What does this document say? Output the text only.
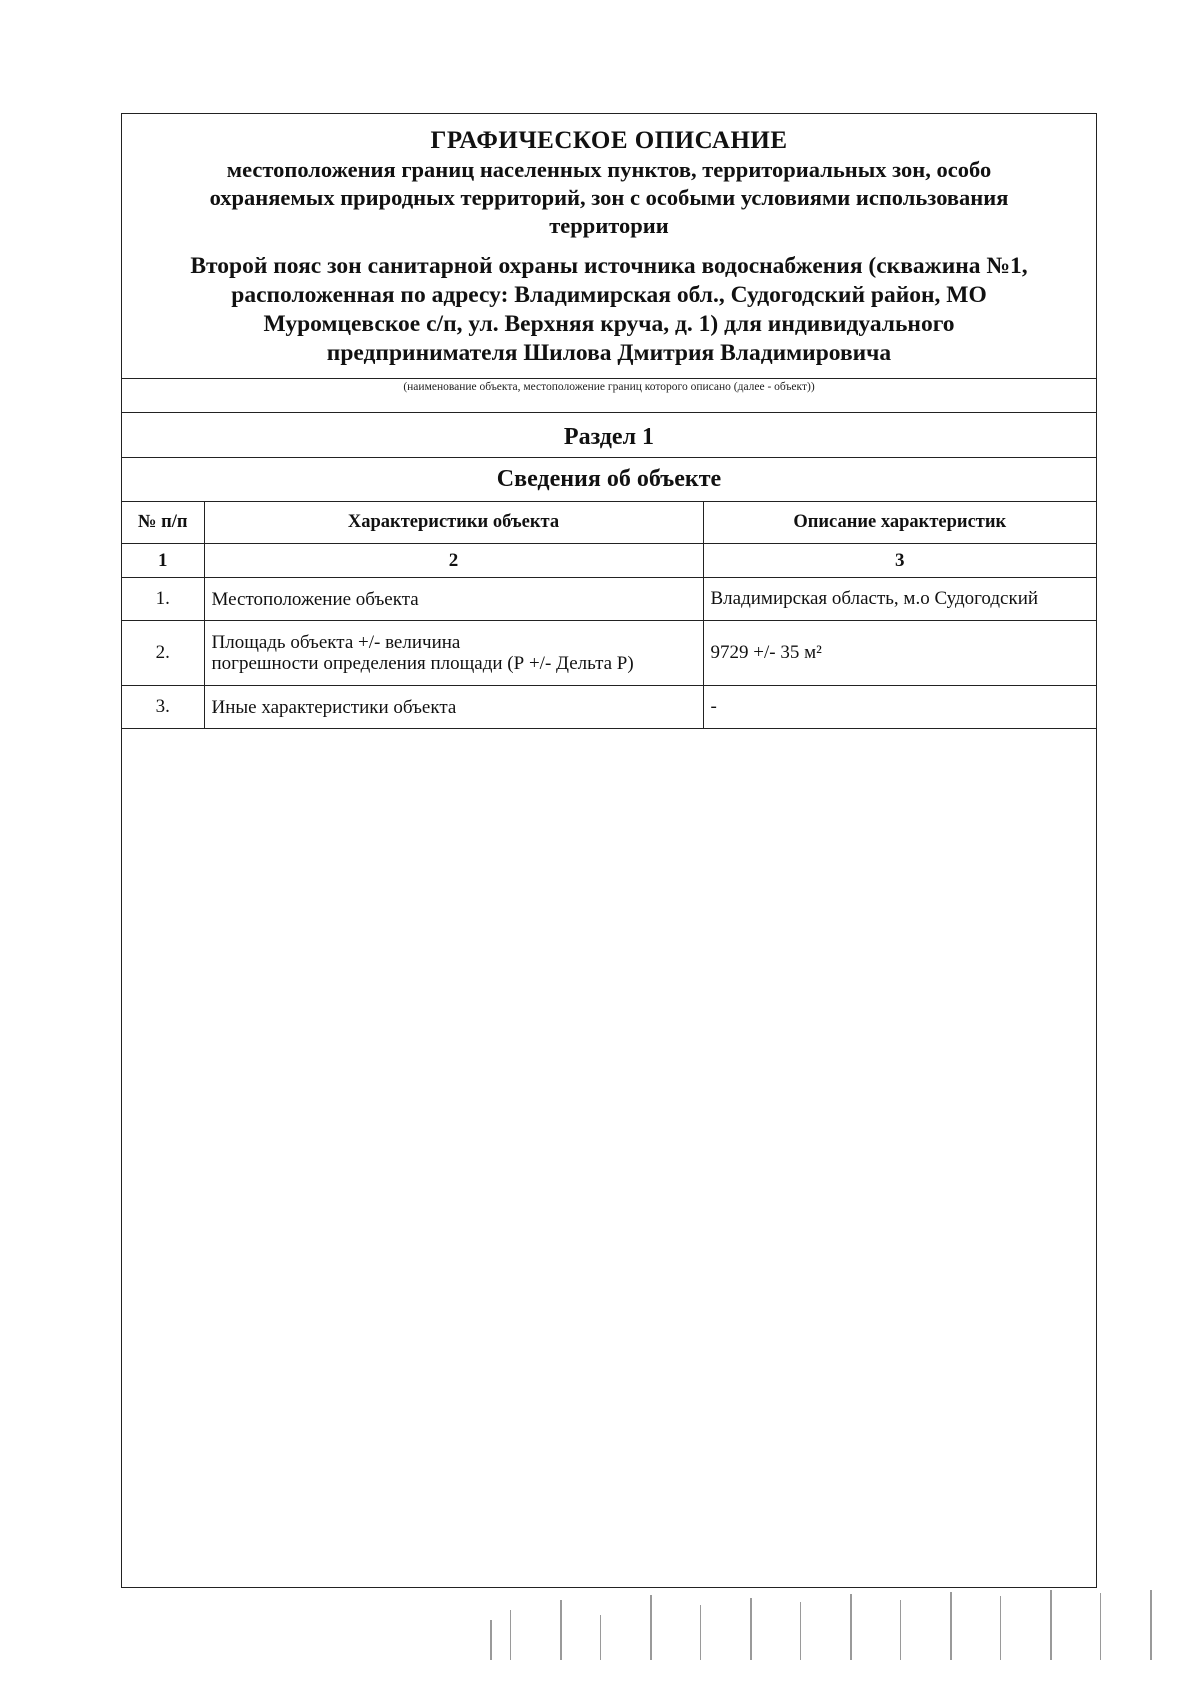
ГРАФИЧЕСКОЕ ОПИСАНИЕ
местоположения границ населенных пунктов, территориальных зон, особо
охраняемых природных территорий, зон с особыми условиями использования
территории
Второй пояс зон санитарной охраны источника водоснабжения (скважина №1,
расположенная по адресу: Владимирская обл., Судогодский район, МО
Муромцевское с/п, ул. Верхняя круча, д. 1) для индивидуального
предпринимателя Шилова Дмитрия Владимировича
(наименование объекта, местоположение границ которого описано (далее - объект))
Раздел 1
Сведения об объекте
№ п/п	Характеристики объекта	Описание характеристик
1	2	3
1.	Местоположение объекта	Владимирская область, м.о Судогодский
2.	Площадь объекта +/- величина
погрешности определения площади (Р +/- Дельта Р)	9729 +/- 35 м²
3.	Иные характеристики объекта	-
